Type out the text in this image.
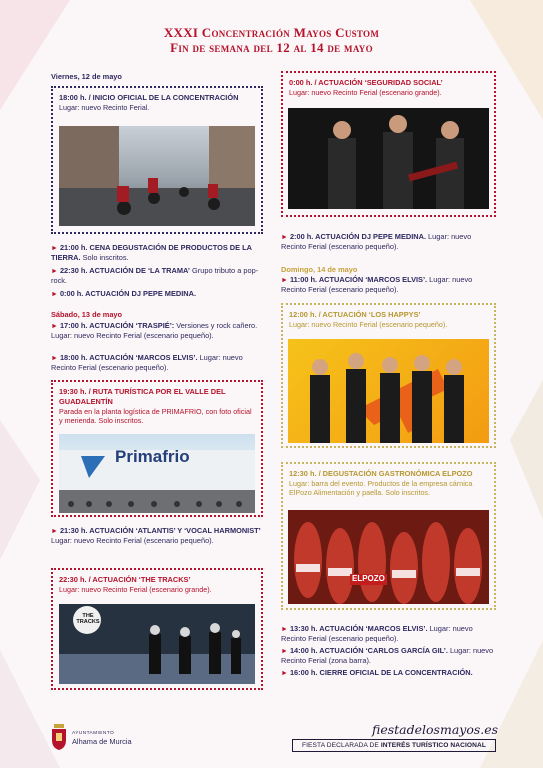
XXXI Concentración Mayos Custom
Fin de semana del 12 al 14 de mayo
Viernes, 12 de mayo
18:00 h. / INICIO OFICIAL DE LA CONCENTRACIÓN
Lugar: nuevo Recinto Ferial.
► 21:00 h. CENA DEGUSTACIÓN DE PRODUCTOS DE LA TIERRA. Solo inscritos.
► 22:30 h. ACTUACIÓN DE ‘LA TRAMA’ Grupo tributo a pop-rock.
► 0:00 h. ACTUACIÓN DJ PEPE MEDINA.
Sábado, 13 de mayo
► 17:00 h. ACTUACIÓN ‘TRASPIÉ’: Versiones y rock cañero. Lugar: nuevo Recinto Ferial (escenario pequeño).
► 18:00 h. ACTUACIÓN ‘MARCOS ELVIS’. Lugar: nuevo Recinto Ferial (escenario pequeño).
19:30 h. / RUTA TURÍSTICA POR EL VALLE DEL GUADALENTÍN
Parada en la planta logística de PRIMAFRIO, con foto oficial y merienda. Solo inscritos.
Primafrio
► 21:30 h. ACTUACIÓN ‘ATLANTIS’ Y ‘VOCAL HARMONIST’ Lugar: nuevo Recinto Ferial (escenario pequeño).
22:30 h. / ACTUACIÓN ‘THE TRACKS’
Lugar: nuevo Recinto Ferial (escenario grande).
THE TRACKS
0:00 h. / ACTUACIÓN ‘SEGURIDAD SOCIAL’
Lugar: nuevo Recinto Ferial (escenario grande).
► 2:00 h. ACTUACIÓN DJ PEPE MEDINA. Lugar: nuevo Recinto Ferial (escenario pequeño).
Domingo, 14 de mayo
► 11:00 h. ACTUACIÓN ‘MARCOS ELVIS’. Lugar: nuevo Recinto Ferial (escenario pequeño).
12:00 h. / ACTUACIÓN ‘LOS HAPPYS’
Lugar: nuevo Recinto Ferial (escenario pequeño).
12:30 h. / DEGUSTACIÓN GASTRONÓMICA ELPOZO
Lugar: barra del evento. Productos de la empresa cárnica ElPozo Alimentación y paella. Solo inscritos.
ELPOZO
► 13:30 h. ACTUACIÓN ‘MARCOS ELVIS’. Lugar: nuevo Recinto Ferial (escenario pequeño).
► 14:00 h. ACTUACIÓN ‘CARLOS GARCÍA GIL’. Lugar: nuevo Recinto Ferial (zona barra).
► 16:00 h. CIERRE OFICIAL DE LA CONCENTRACIÓN.
AYUNTAMIENTO
Alhama de Murcia
fiestadelosmayos.es
FIESTA DECLARADA DE INTERÉS TURÍSTICO NACIONAL
